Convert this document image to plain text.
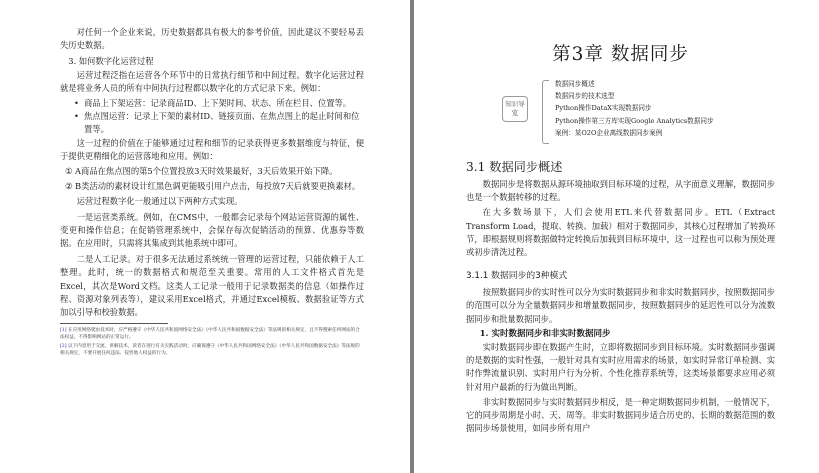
对任何一个企业来说，历史数据都具有极大的参考价值，因此建议不要轻易丢失历史数据。

3. 如何数字化运营过程

运营过程泛指在运营各个环节中的日常执行细节和中间过程。数字化运营过程就是将业务人员的所有中间执行过程都以数字化的方式记录下来。例如：

• 商品上下架运营：记录商品ID、上下架时间、状态、所在栏目、位置等。
• 焦点图运营：记录上下架的素材ID、链接页面、在焦点图上的起止时间和位置等。

这一过程的价值在于能够通过过程和细节的记录获得更多数据维度与特征，便于提供更精细化的运营落地和应用。例如：

① A商品在焦点图的第5个位置投放3天时效果最好，3天后效果开始下降。

② B类活动的素材设计红黑色调更能吸引用户点击，每投放7天后就要更换素材。

运营过程数字化一般通过以下两种方式实现。

一是运营类系统。例如，在CMS中，一般都会记录每个网站运营资源的属性、变更和操作信息；在促销管理系统中，会保存每次促销活动的预算、优惠券等数据。在应用时，只需将其集成到其他系统中即可。

二是人工记录。对于很多无法通过系统统一管理的运营过程，只能依赖于人工整理。此时，统一的数据格式和规范至关重要。常用的人工文件格式首先是Excel，其次是Word文档。这类人工记录一般用于记录数据类的信息（如操作过程、资源对象列表等），建议采用Excel格式，并通过Excel模板、数据验证等方式加以引导和校验数据。

[1] 在应用网络爬虫技术时，应严格遵守《中华人民共和国网络安全法》《中华人民共和国数据安全法》等法规的相关规定，且不得搜索任何网站的合法权益，不得影响网站的正常运行。

[2] 以下内容用于交流、讲解技术，读者在进行有关实践活动时，应确保遵守《中华人民共和国网络安全法》《中华人民共和国数据安全法》等法规的相关规定，不要开展任何违法、侵害他人权益的行为。

第3章 数据同步
知识导览
数据同步概述
数据同步的技术选型
Python操作DataX实现数据同步
Python操作第三方库实现Google Analytics数据同步
案例：某O2O企业离线数据同步案例
3.1 数据同步概述

数据同步是将数据从源环境抽取到目标环境的过程，从字面意义理解，数据同步也是一个数据转移的过程。

在大多数场景下，人们会使用ETL来代替数据同步。ETL（Extract Transform Load，提取、转换、加载）相对于数据同步，其核心过程增加了转换环节，即根据规则将数据做特定转换后加载到目标环境中，这一过程也可以称为预处理或初步清洗过程。

3.1.1 数据同步的3种模式

按照数据同步的实时性可以分为实时数据同步和非实时数据同步，按照数据同步的范围可以分为全量数据同步和增量数据同步，按照数据同步的延迟性可以分为流数据同步和批量数据同步。

1. 实时数据同步和非实时数据同步

实时数据同步即在数据产生时，立即将数据同步到目标环境。实时数据同步强调的是数据的实时性强，一般针对具有实时应用需求的场景，如实时异常订单检测、实时作弊流量识别、实时用户行为分析、个性化推荐系统等，这类场景都要求应用必须针对用户最新的行为做出判断。

非实时数据同步与实时数据同步相反，是一种定期数据同步机制，一般情况下，它的同步周期是小时、天、周等。非实时数据同步适合历史的、长期的数据范围的数据同步场景使用，如同步所有用户
